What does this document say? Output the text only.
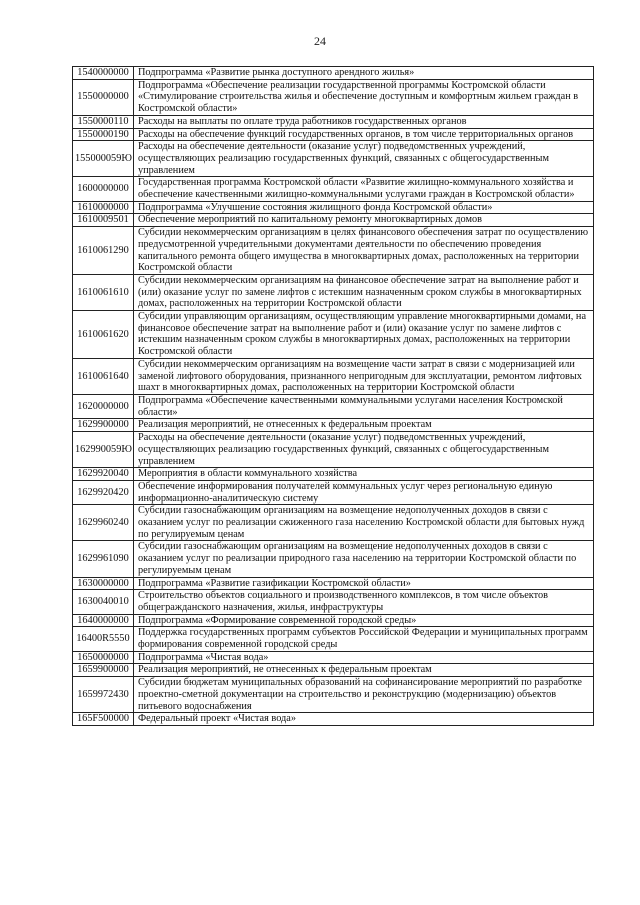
24
1540000000	Подпрограмма «Развитие рынка доступного арендного жилья»
1550000000	Подпрограмма «Обеспечение реализации государственной программы Костромской области «Стимулирование строительства жилья и обеспечение доступным и комфортным жильем граждан в Костромской области»
1550000110	Расходы на выплаты по оплате труда работников государственных органов
1550000190	Расходы на обеспечение функций государственных органов, в том числе территориальных органов
155000059Ю	Расходы на обеспечение деятельности (оказание услуг) подведомственных учреждений, осуществляющих реализацию государственных функций, связанных с общегосударственным управлением
1600000000	Государственная программа Костромской области «Развитие жилищно-коммунального хозяйства и обеспечение качественными жилищно-коммунальными услугами граждан в Костромской области»
1610000000	Подпрограмма «Улучшение состояния жилищного фонда Костромской области»
1610009501	Обеспечение мероприятий по капитальному ремонту многоквартирных домов
1610061290	Субсидии некоммерческим организациям в целях финансового обеспечения затрат по осуществлению предусмотренной учредительными документами деятельности по обеспечению проведения капитального ремонта общего имущества в многоквартирных домах, расположенных на территории Костромской области
1610061610	Субсидии некоммерческим организациям на финансовое обеспечение затрат на выполнение работ и (или) оказание услуг по замене лифтов с истекшим назначенным сроком службы в многоквартирных домах, расположенных на территории Костромской области
1610061620	Субсидии управляющим организациям, осуществляющим управление многоквартирными домами, на финансовое обеспечение затрат на выполнение работ и (или) оказание услуг по замене лифтов с истекшим назначенным сроком службы в многоквартирных домах, расположенных на территории Костромской области
1610061640	Субсидии некоммерческим организациям на возмещение части затрат в связи с модернизацией или заменой лифтового оборудования, признанного непригодным для эксплуатации, ремонтом лифтовых шахт в многоквартирных домах, расположенных на территории Костромской области
1620000000	Подпрограмма «Обеспечение качественными коммунальными услугами населения Костромской области»
1629900000	Реализация мероприятий, не отнесенных к федеральным проектам
162990059Ю	Расходы на обеспечение деятельности (оказание услуг) подведомственных учреждений, осуществляющих реализацию государственных функций, связанных с общегосударственным управлением
1629920040	Мероприятия в области коммунального хозяйства
1629920420	Обеспечение информирования получателей коммунальных услуг через региональную единую информационно-аналитическую систему
1629960240	Субсидии газоснабжающим организациям на возмещение недополученных доходов в связи с оказанием услуг по реализации сжиженного газа населению Костромской области для бытовых нужд по регулируемым ценам
1629961090	Субсидии газоснабжающим организациям на возмещение недополученных доходов в связи с оказанием услуг по реализации природного газа населению на территории Костромской области по регулируемым ценам
1630000000	Подпрограмма «Развитие газификации Костромской области»
1630040010	Строительство объектов социального и производственного комплексов, в том числе объектов общегражданского назначения, жилья, инфраструктуры
1640000000	Подпрограмма «Формирование современной городской среды»
16400R5550	Поддержка государственных программ субъектов Российской Федерации и муниципальных программ формирования современной городской среды
1650000000	Подпрограмма «Чистая вода»
1659900000	Реализация мероприятий, не отнесенных к федеральным проектам
1659972430	Субсидии бюджетам муниципальных образований на софинансирование мероприятий по разработке проектно-сметной документации на строительство и реконструкцию (модернизацию) объектов питьевого водоснабжения
165F500000	Федеральный проект «Чистая вода»
